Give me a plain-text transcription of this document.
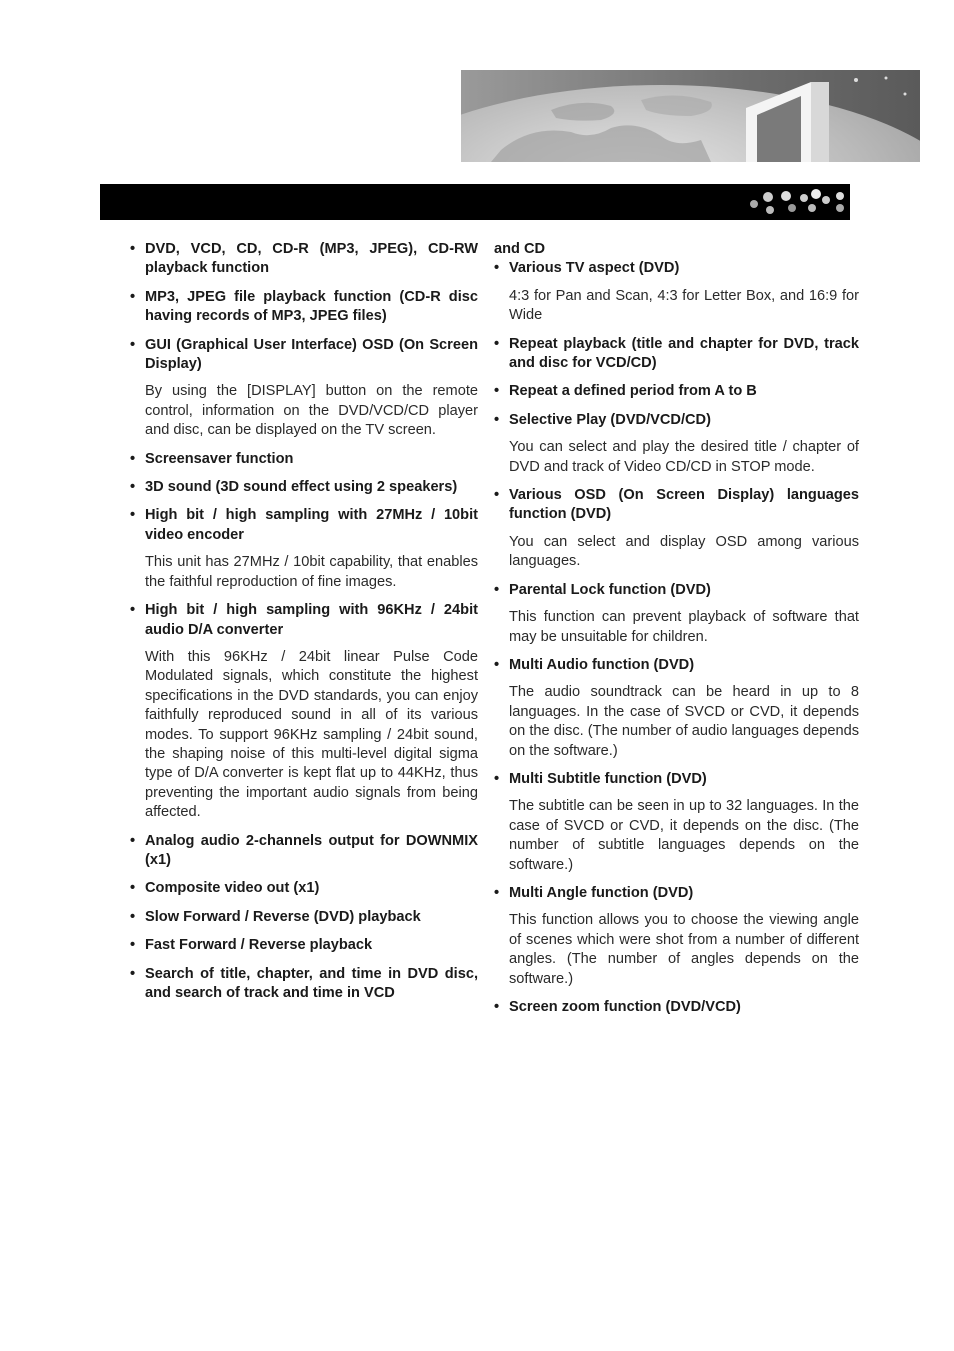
• DVD, VCD, CD, CD-R (MP3, JPEG), CD-RW playback function
• MP3, JPEG file playback function (CD-R disc having records of MP3, JPEG files)
• GUI (Graphical User Interface) OSD (On Screen Display)
By using the [DISPLAY] button on the remote control, information on the DVD/VCD/CD player and disc, can be displayed on the TV screen.
• Screensaver function
• 3D sound (3D sound effect using 2 speakers)
• High bit / high sampling with 27MHz / 10bit video encoder
This unit has 27MHz / 10bit capability, that enables the faithful reproduction of fine images.
• High bit / high sampling with 96KHz / 24bit audio D/A converter
With this 96KHz / 24bit linear Pulse Code Modulated signals, which constitute the highest specifications in the DVD standards, you can enjoy faithfully reproduced sound in all of its various modes. To support 96KHz sampling / 24bit sound, the shaping noise of this multi-level digital sigma type of D/A converter is kept flat up to 44KHz, thus preventing the important audio signals from being affected.
• Analog audio 2-channels output for DOWNMIX (x1)
• Composite video out (x1)
• Slow Forward / Reverse (DVD) playback
• Fast Forward / Reverse playback
• Search of title, chapter, and time in DVD disc, and search of track and time in VCD
and CD
• Various TV aspect (DVD)
4:3 for Pan and Scan, 4:3 for Letter Box, and 16:9 for Wide
• Repeat playback (title and chapter for DVD, track and disc for VCD/CD)
• Repeat a defined period from A to B
• Selective Play (DVD/VCD/CD)
You can select and play the desired title / chapter of DVD and track of Video CD/CD in STOP mode.
• Various OSD (On Screen Display) languages function (DVD)
You can select and display OSD among various languages.
• Parental Lock function (DVD)
This function can prevent playback of software that may be unsuitable for children.
• Multi Audio function (DVD)
The audio soundtrack can be heard in up to 8 languages. In the case of SVCD or CVD, it depends on the disc. (The number of audio languages depends on the software.)
• Multi Subtitle function (DVD)
The subtitle can be seen in up to 32 languages. In the case of SVCD or CVD, it depends on the disc. (The number of subtitle languages depends on the software.)
• Multi Angle function (DVD)
This function allows you to choose the viewing angle of scenes which were shot from a number of different angles. (The number of angles depends on the software.)
• Screen zoom function (DVD/VCD)
